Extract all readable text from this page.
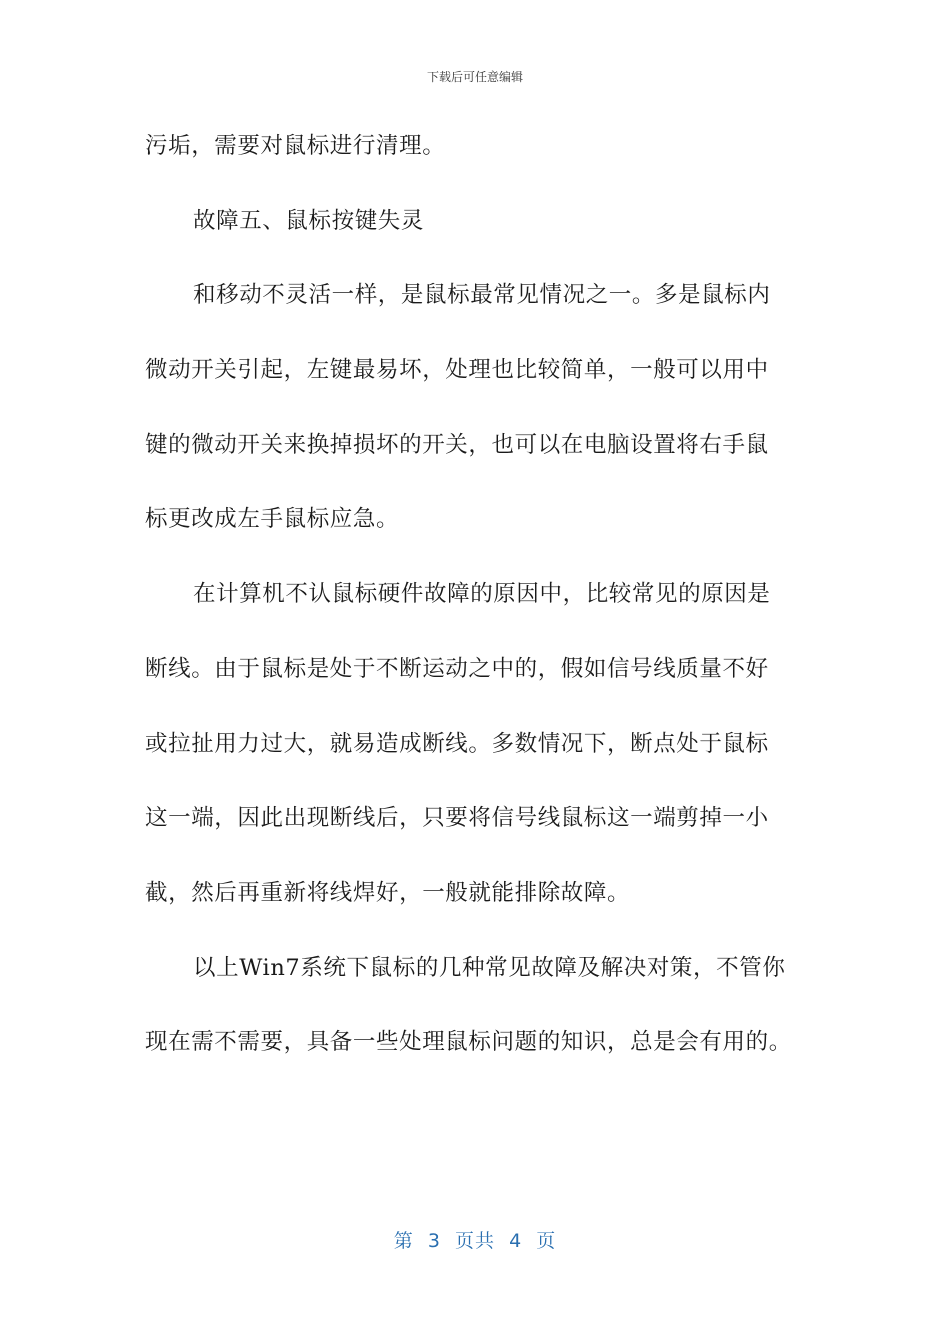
下载后可任意编辑
污垢，需要对鼠标进行清理。
故障五、鼠标按键失灵
和移动不灵活一样，是鼠标最常见情况之一。多是鼠标内
微动开关引起，左键最易坏，处理也比较简单，一般可以用中
键的微动开关来换掉损坏的开关，也可以在电脑设置将右手鼠
标更改成左手鼠标应急。
在计算机不认鼠标硬件故障的原因中，比较常见的原因是
断线。由于鼠标是处于不断运动之中的，假如信号线质量不好
或拉扯用力过大，就易造成断线。多数情况下，断点处于鼠标
这一端，因此出现断线后，只要将信号线鼠标这一端剪掉一小
截，然后再重新将线焊好，一般就能排除故障。
以上Win7系统下鼠标的几种常见故障及解决对策，不管你
现在需不需要，具备一些处理鼠标问题的知识，总是会有用的。
第  3  页共  4  页
